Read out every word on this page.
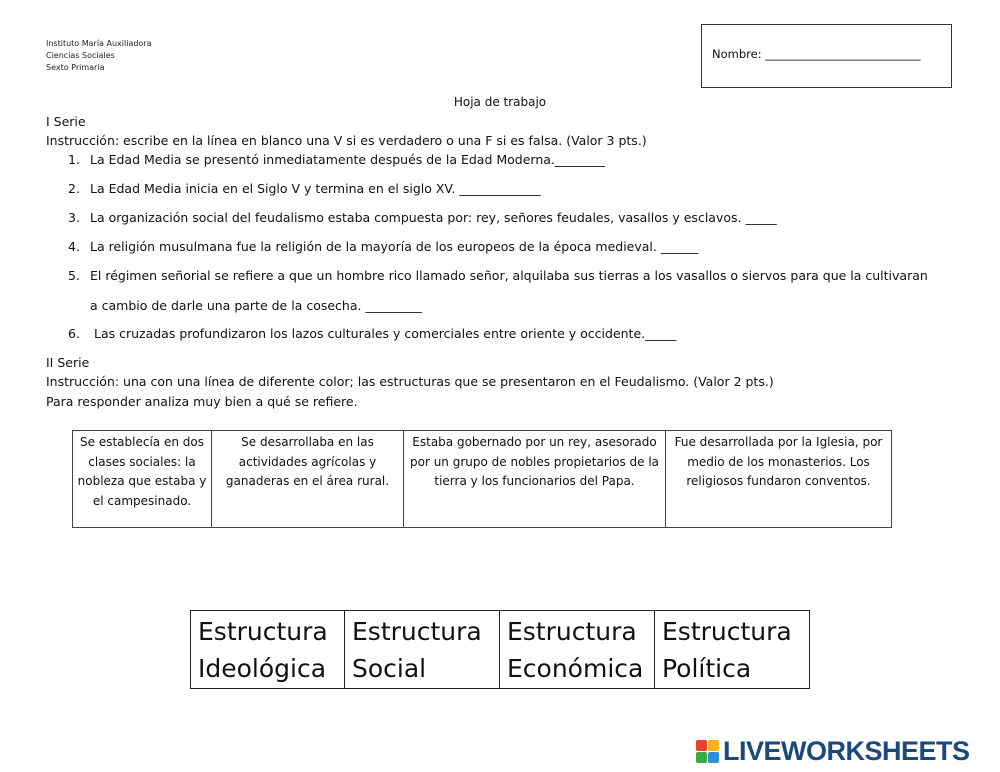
Instituto María Auxiliadora
Ciencias Sociales
Sexto Primaria
Nombre: ___________________________
Hoja de trabajo
I Serie
Instrucción: escribe en la línea en blanco una V si es verdadero o una F si es falsa. (Valor 3 pts.)
1. La Edad Media se presentó inmediatamente después de la Edad Moderna.________
2. La Edad Media inicia en el Siglo V y termina en el siglo XV. _____________
3. La organización social del feudalismo estaba compuesta por: rey, señores feudales, vasallos y esclavos. _____
4. La religión musulmana fue la religión de la mayoría de los europeos de la época medieval. ______
5. El régimen señorial se refiere a que un hombre rico llamado señor, alquilaba sus tierras a los vasallos o siervos para que la cultivaran
a cambio de darle una parte de la cosecha. _________
6. Las cruzadas profundizaron los lazos culturales y comerciales entre oriente y occidente._____
II Serie
Instrucción: una con una línea de diferente color; las estructuras que se presentaron en el Feudalismo. (Valor 2 pts.)
Para responder analiza muy bien a qué se refiere.
Se establecía en dos clases sociales: la nobleza que estaba y el campesinado.	Se desarrollaba en las actividades agrícolas y ganaderas en el área rural.	Estaba gobernado por un rey, asesorado por un grupo de nobles propietarios de la tierra y los funcionarios del Papa.	Fue desarrollada por la Iglesia, por medio de los monasterios. Los religiosos fundaron conventos.
Estructura
Ideológica

Estructura
Social

Estructura
Económica

Estructura
Política
LIVEWORKSHEETS
